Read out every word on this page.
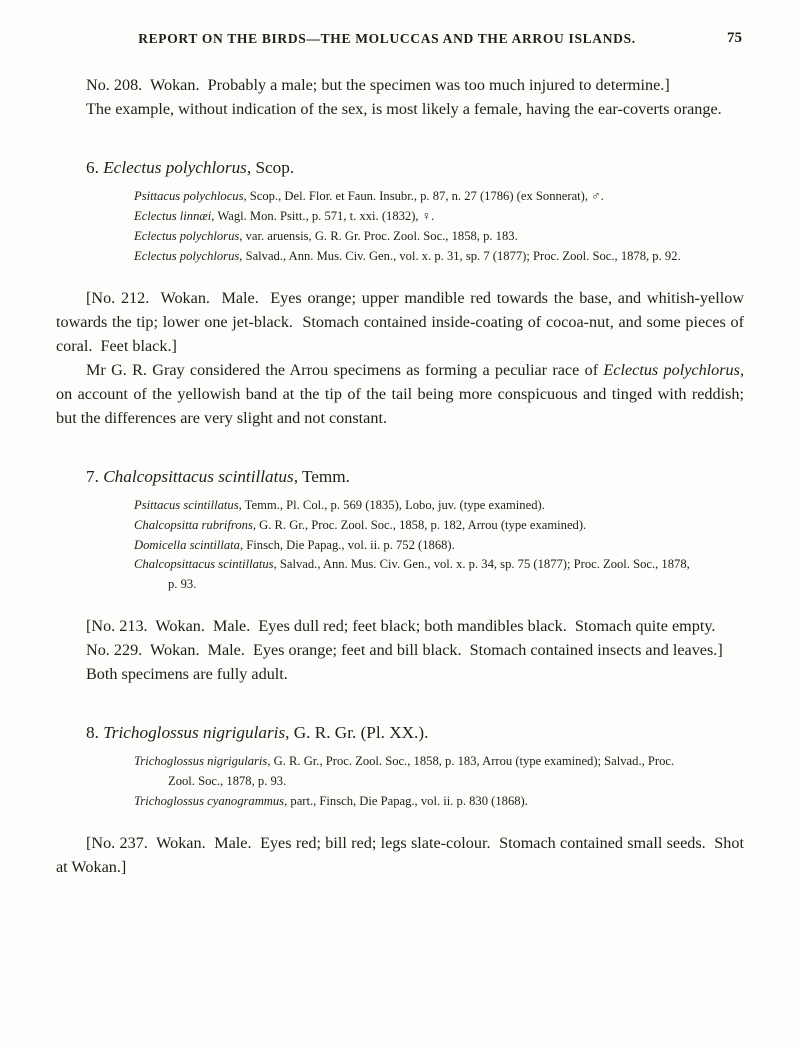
REPORT ON THE BIRDS—THE MOLUCCAS AND THE ARROU ISLANDS.	75

No. 208.  Wokan.  Probably a male; but the specimen was too much injured to determine.]

The example, without indication of the sex, is most likely a female, having the ear-coverts orange.

6. Eclectus polychlorus, Scop.

Psittacus polychlocus, Scop., Del. Flor. et Faun. Insubr., p. 87, n. 27 (1786) (ex Sonnerat), ♂.

Eclectus linnæi, Wagl. Mon. Psitt., p. 571, t. xxi. (1832), ♀.

Eclectus polychlorus, var. aruensis, G. R. Gr. Proc. Zool. Soc., 1858, p. 183.

Eclectus polychlorus, Salvad., Ann. Mus. Civ. Gen., vol. x. p. 31, sp. 7 (1877); Proc. Zool. Soc., 1878, p. 92.

[No. 212.  Wokan.  Male.  Eyes orange; upper mandible red towards the base, and whitish-yellow towards the tip; lower one jet-black.  Stomach contained inside-coating of cocoa-nut, and some pieces of coral.  Feet black.]

Mr G. R. Gray considered the Arrou specimens as forming a peculiar race of Eclectus polychlorus, on account of the yellowish band at the tip of the tail being more conspicuous and tinged with reddish; but the differences are very slight and not constant.

7. Chalcopsittacus scintillatus, Temm.

Psittacus scintillatus, Temm., Pl. Col., p. 569 (1835), Lobo, juv. (type examined).

Chalcopsitta rubrifrons, G. R. Gr., Proc. Zool. Soc., 1858, p. 182, Arrou (type examined).

Domicella scintillata, Finsch, Die Papag., vol. ii. p. 752 (1868).

Chalcopsittacus scintillatus, Salvad., Ann. Mus. Civ. Gen., vol. x. p. 34, sp. 75 (1877); Proc. Zool. Soc., 1878, p. 93.

[No. 213.  Wokan.  Male.  Eyes dull red; feet black; both mandibles black.  Stomach quite empty.

No. 229.  Wokan.  Male.  Eyes orange; feet and bill black.  Stomach contained insects and leaves.]

Both specimens are fully adult.

8. Trichoglossus nigrigularis, G. R. Gr. (Pl. XX.).

Trichoglossus nigrigularis, G. R. Gr., Proc. Zool. Soc., 1858, p. 183, Arrou (type examined); Salvad., Proc. Zool. Soc., 1878, p. 93.

Trichoglossus cyanogrammus, part., Finsch, Die Papag., vol. ii. p. 830 (1868).

[No. 237.  Wokan.  Male.  Eyes red; bill red; legs slate-colour.  Stomach contained small seeds.  Shot at Wokan.]
